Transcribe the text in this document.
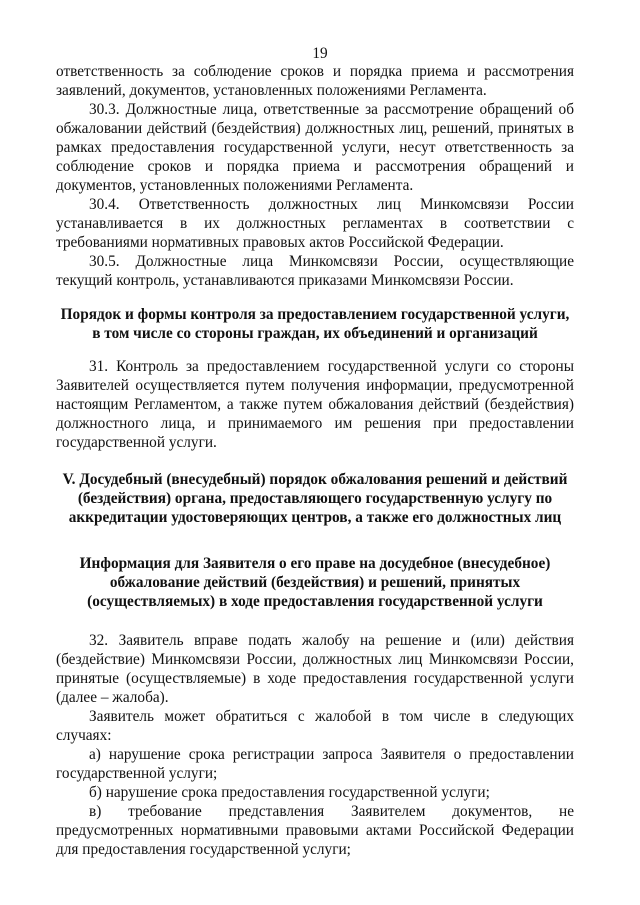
19

ответственность за соблюдение сроков и порядка приема и рассмотрения заявлений, документов, установленных положениями Регламента.

30.3. Должностные лица, ответственные за рассмотрение обращений об обжаловании действий (бездействия) должностных лиц, решений, принятых в рамках предоставления государственной услуги, несут ответственность за соблюдение сроков и порядка приема и рассмотрения обращений и документов, установленных положениями Регламента.

30.4. Ответственность должностных лиц Минкомсвязи России устанавливается в их должностных регламентах в соответствии с требованиями нормативных правовых актов Российской Федерации.

30.5. Должностные лица Минкомсвязи России, осуществляющие текущий контроль, устанавливаются приказами Минкомсвязи России.

Порядок и формы контроля за предоставлением государственной услуги, в том числе со стороны граждан, их объединений и организаций

31. Контроль за предоставлением государственной услуги со стороны Заявителей осуществляется путем получения информации, предусмотренной настоящим Регламентом, а также путем обжалования действий (бездействия) должностного лица, и принимаемого им решения при предоставлении государственной услуги.

V. Досудебный (внесудебный) порядок обжалования решений и действий (бездействия) органа, предоставляющего государственную услугу по аккредитации удостоверяющих центров, а также его должностных лиц
Информация для Заявителя о его праве на досудебное (внесудебное) обжалование действий (бездействия) и решений, принятых (осуществляемых) в ходе предоставления государственной услуги

32. Заявитель вправе подать жалобу на решение и (или) действия (бездействие) Минкомсвязи России, должностных лиц Минкомсвязи России, принятые (осуществляемые) в ходе предоставления государственной услуги (далее – жалоба).

Заявитель может обратиться с жалобой в том числе в следующих случаях:

а) нарушение срока регистрации запроса Заявителя о предоставлении государственной услуги;

б) нарушение срока предоставления государственной услуги;

в) требование представления Заявителем документов, не предусмотренных нормативными правовыми актами Российской Федерации для предоставления государственной услуги;
